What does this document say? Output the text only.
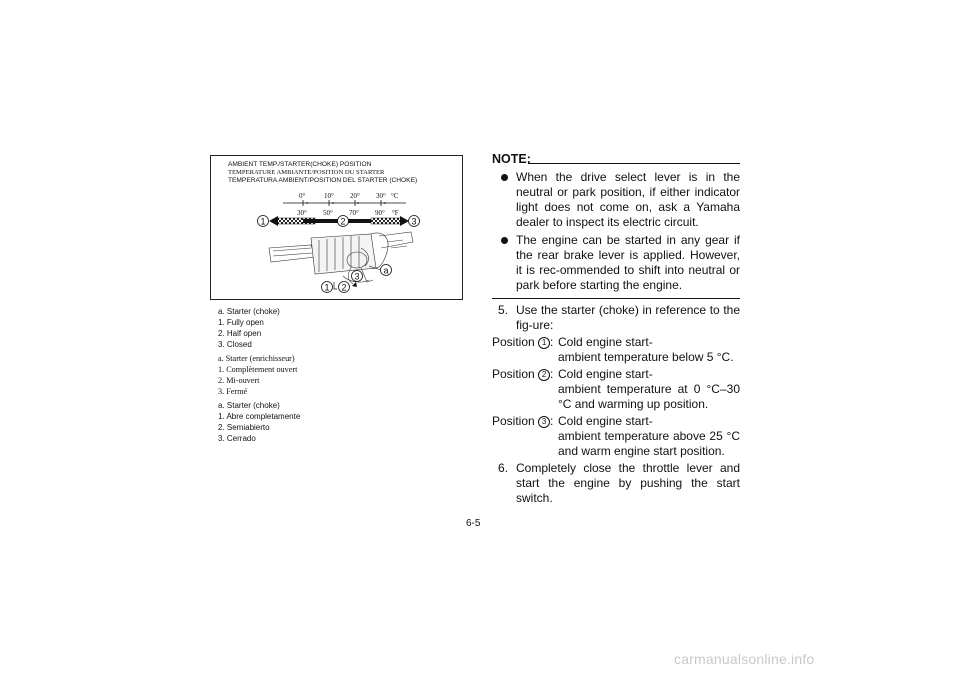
AMBIENT TEMP./STARTER(CHOKE) POSITION
TEMPERATURE AMBIANTE/POSITION DU STARTER
TEMPERATURA AMBIENT/POSITION DEL STARTER (CHOKE)
0°	10° 20° 30° °C
30° 50° 70° 90° °F
1	2	3
a
1 2
3
a. Starter (choke)
1. Fully open
2. Half open
3. Closed
a. Starter (enrichisseur)
1. Complètement ouvert
2. Mi-ouvert
3. Fermé
a. Starter (choke)
1. Abre completamente
2. Semiabierto
3. Cerrado
NOTE:
When the drive select lever is in the neutral or park position, if either indicator light does not come on, ask a Yamaha dealer to inspect its electric circuit.
The engine can be started in any gear if the rear brake lever is applied. However, it is rec-ommended to shift into neutral or park before starting the engine.
5. Use the starter (choke) in reference to the fig-ure:
Position 1 : Cold engine start-
ambient temperature below 5 °C.
Position 2 : Cold engine start-
ambient temperature at 0 °C–30 °C and warming up position.
Position 3 : Cold engine start-
ambient temperature above 25 °C and warm engine start position.
6. Completely close the throttle lever and start the engine by pushing the start switch.
6-5
carmanualsonline.info
